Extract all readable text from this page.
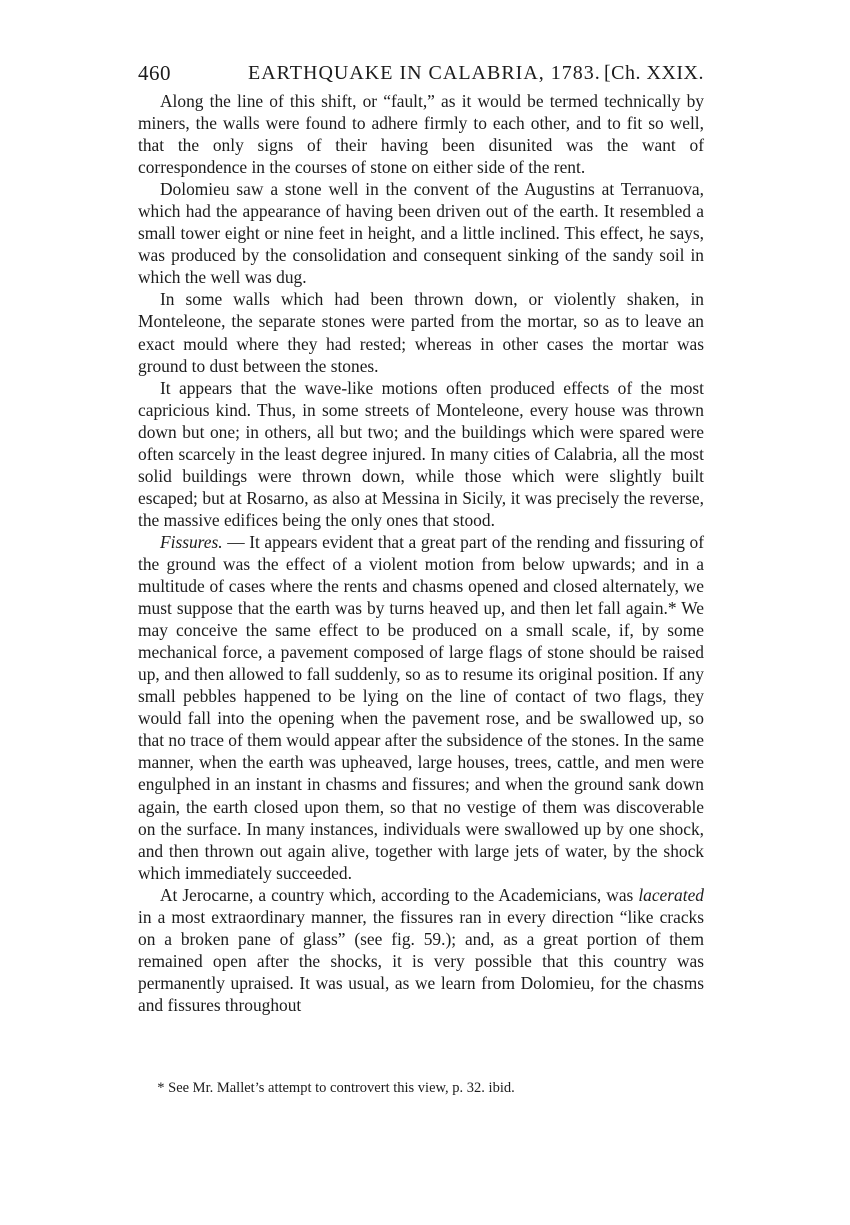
460	EARTHQUAKE IN CALABRIA, 1783. [Ch. XXIX.

Along the line of this shift, or “fault,” as it would be termed technically by miners, the walls were found to adhere firmly to each other, and to fit so well, that the only signs of their having been disunited was the want of correspondence in the courses of stone on either side of the rent.

Dolomieu saw a stone well in the convent of the Augustins at Terranuova, which had the appearance of having been driven out of the earth. It resembled a small tower eight or nine feet in height, and a little inclined. This effect, he says, was produced by the consolidation and consequent sinking of the sandy soil in which the well was dug.

In some walls which had been thrown down, or violently shaken, in Monteleone, the separate stones were parted from the mortar, so as to leave an exact mould where they had rested; whereas in other cases the mortar was ground to dust between the stones.

It appears that the wave-like motions often produced effects of the most capricious kind. Thus, in some streets of Monteleone, every house was thrown down but one; in others, all but two; and the buildings which were spared were often scarcely in the least degree injured. In many cities of Calabria, all the most solid buildings were thrown down, while those which were slightly built escaped; but at Rosarno, as also at Messina in Sicily, it was precisely the reverse, the massive edifices being the only ones that stood.

Fissures. — It appears evident that a great part of the rending and fissuring of the ground was the effect of a violent motion from below upwards; and in a multitude of cases where the rents and chasms opened and closed alternately, we must suppose that the earth was by turns heaved up, and then let fall again.* We may conceive the same effect to be produced on a small scale, if, by some mechanical force, a pavement composed of large flags of stone should be raised up, and then allowed to fall suddenly, so as to resume its original position. If any small pebbles happened to be lying on the line of contact of two flags, they would fall into the opening when the pavement rose, and be swallowed up, so that no trace of them would appear after the subsidence of the stones. In the same manner, when the earth was upheaved, large houses, trees, cattle, and men were engulphed in an instant in chasms and fissures; and when the ground sank down again, the earth closed upon them, so that no vestige of them was discoverable on the surface. In many instances, individuals were swallowed up by one shock, and then thrown out again alive, together with large jets of water, by the shock which immediately succeeded.

At Jerocarne, a country which, according to the Academicians, was lacerated in a most extraordinary manner, the fissures ran in every direction “like cracks on a broken pane of glass” (see fig. 59.); and, as a great portion of them remained open after the shocks, it is very possible that this country was permanently upraised. It was usual, as we learn from Dolomieu, for the chasms and fissures throughout

* See Mr. Mallet’s attempt to controvert this view, p. 32. ibid.
